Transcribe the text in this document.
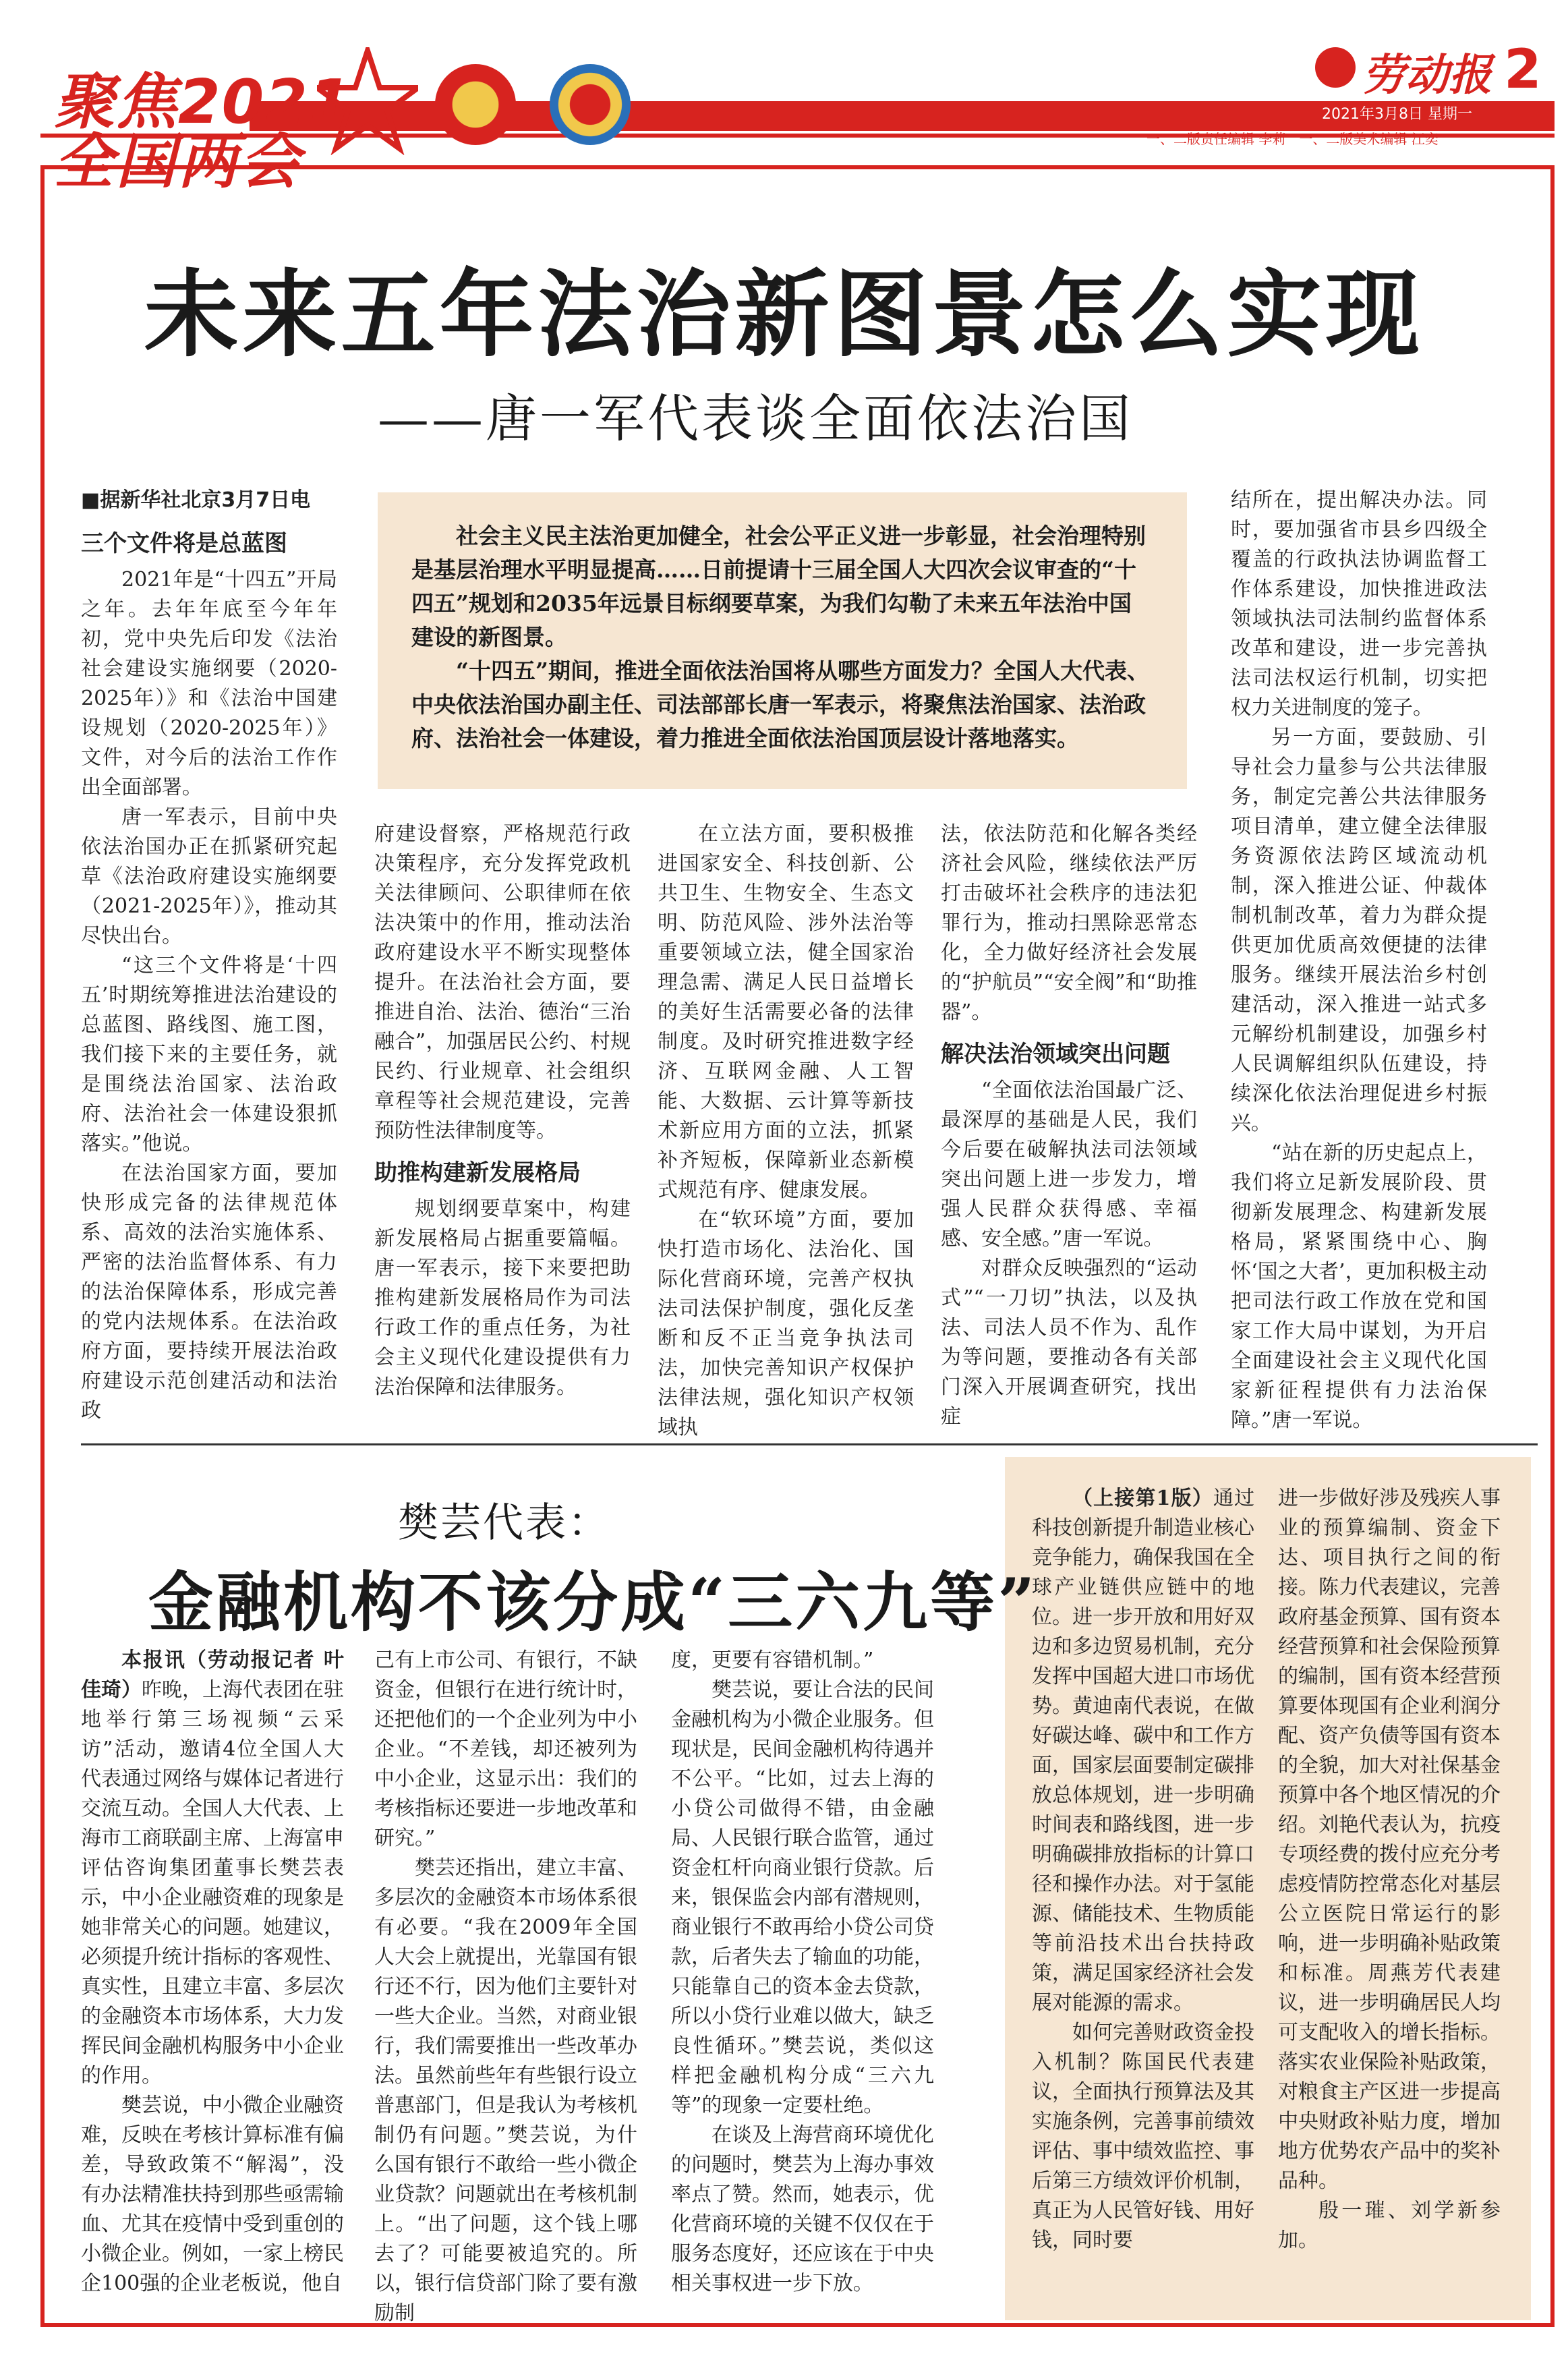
聚焦2021
全国两会
劳动报 2
2021年3月8日 星期一
一、二版责任编辑 李莉　一、二版美术编辑 江奕
未来五年法治新图景怎么实现
——唐一军代表谈全面依法治国

社会主义民主法治更加健全，社会公平正义进一步彰显，社会治理特别是基层治理水平明显提高……日前提请十三届全国人大四次会议审查的“十四五”规划和2035年远景目标纲要草案，为我们勾勒了未来五年法治中国建设的新图景。

“十四五”期间，推进全面依法治国将从哪些方面发力？全国人大代表、中央依法治国办副主任、司法部部长唐一军表示，将聚焦法治国家、法治政府、法治社会一体建设，着力推进全面依法治国顶层设计落地落实。

■据新华社北京3月7日电

三个文件将是总蓝图

2021年是“十四五”开局之年。去年年底至今年年初，党中央先后印发《法治社会建设实施纲要（2020-2025年）》和《法治中国建设规划（2020-2025年）》文件，对今后的法治工作作出全面部署。

唐一军表示，目前中央依法治国办正在抓紧研究起草《法治政府建设实施纲要（2021-2025年）》，推动其尽快出台。

“这三个文件将是‘十四五’时期统筹推进法治建设的总蓝图、路线图、施工图，我们接下来的主要任务，就是围绕法治国家、法治政府、法治社会一体建设狠抓落实。”他说。

在法治国家方面，要加快形成完备的法律规范体系、高效的法治实施体系、严密的法治监督体系、有力的法治保障体系，形成完善的党内法规体系。在法治政府方面，要持续开展法治政府建设示范创建活动和法治政

府建设督察，严格规范行政决策程序，充分发挥党政机关法律顾问、公职律师在依法决策中的作用，推动法治政府建设水平不断实现整体提升。在法治社会方面，要推进自治、法治、德治“三治融合”，加强居民公约、村规民约、行业规章、社会组织章程等社会规范建设，完善预防性法律制度等。

助推构建新发展格局

规划纲要草案中，构建新发展格局占据重要篇幅。唐一军表示，接下来要把助推构建新发展格局作为司法行政工作的重点任务，为社会主义现代化建设提供有力法治保障和法律服务。

在立法方面，要积极推进国家安全、科技创新、公共卫生、生物安全、生态文明、防范风险、涉外法治等重要领域立法，健全国家治理急需、满足人民日益增长的美好生活需要必备的法律制度。及时研究推进数字经济、互联网金融、人工智能、大数据、云计算等新技术新应用方面的立法，抓紧补齐短板，保障新业态新模式规范有序、健康发展。

在“软环境”方面，要加快打造市场化、法治化、国际化营商环境，完善产权执法司法保护制度，强化反垄断和反不正当竞争执法司法，加快完善知识产权保护法律法规，强化知识产权领域执

法，依法防范和化解各类经济社会风险，继续依法严厉打击破坏社会秩序的违法犯罪行为，推动扫黑除恶常态化，全力做好经济社会发展的“护航员”“安全阀”和“助推器”。

解决法治领域突出问题

“全面依法治国最广泛、最深厚的基础是人民，我们今后要在破解执法司法领域突出问题上进一步发力，增强人民群众获得感、幸福感、安全感。”唐一军说。

对群众反映强烈的“运动式”“一刀切”执法，以及执法、司法人员不作为、乱作为等问题，要推动各有关部门深入开展调查研究，找出症

结所在，提出解决办法。同时，要加强省市县乡四级全覆盖的行政执法协调监督工作体系建设，加快推进政法领域执法司法制约监督体系改革和建设，进一步完善执法司法权运行机制，切实把权力关进制度的笼子。

另一方面，要鼓励、引导社会力量参与公共法律服务，制定完善公共法律服务项目清单，建立健全法律服务资源依法跨区域流动机制，深入推进公证、仲裁体制机制改革，着力为群众提供更加优质高效便捷的法律服务。继续开展法治乡村创建活动，深入推进一站式多元解纷机制建设，加强乡村人民调解组织队伍建设，持续深化依法治理促进乡村振兴。

“站在新的历史起点上，我们将立足新发展阶段、贯彻新发展理念、构建新发展格局，紧紧围绕中心、胸怀‘国之大者’，更加积极主动把司法行政工作放在党和国家工作大局中谋划，为开启全面建设社会主义现代化国家新征程提供有力法治保障。”唐一军说。

樊芸代表：
金融机构不该分成“三六九等”

本报讯（劳动报记者 叶佳琦）昨晚，上海代表团在驻地举行第三场视频“云采访”活动，邀请4位全国人大代表通过网络与媒体记者进行交流互动。全国人大代表、上海市工商联副主席、上海富申评估咨询集团董事长樊芸表示，中小企业融资难的现象是她非常关心的问题。她建议，必须提升统计指标的客观性、真实性，且建立丰富、多层次的金融资本市场体系，大力发挥民间金融机构服务中小企业的作用。

樊芸说，中小微企业融资难，反映在考核计算标准有偏差，导致政策不“解渴”，没有办法精准扶持到那些亟需输血、尤其在疫情中受到重创的小微企业。例如，一家上榜民企100强的企业老板说，他自

己有上市公司、有银行，不缺资金，但银行在进行统计时，还把他们的一个企业列为中小企业。“不差钱，却还被列为中小企业，这显示出：我们的考核指标还要进一步地改革和研究。”

樊芸还指出，建立丰富、多层次的金融资本市场体系很有必要。“我在2009年全国人大会上就提出，光靠国有银行还不行，因为他们主要针对一些大企业。当然，对商业银行，我们需要推出一些改革办法。虽然前些年有些银行设立普惠部门，但是我认为考核机制仍有问题。”樊芸说，为什么国有银行不敢给一些小微企业贷款？问题就出在考核机制上。“出了问题，这个钱上哪去了？可能要被追究的。所以，银行信贷部门除了要有激励制

度，更要有容错机制。”

樊芸说，要让合法的民间金融机构为小微企业服务。但现状是，民间金融机构待遇并不公平。“比如，过去上海的小贷公司做得不错，由金融局、人民银行联合监管，通过资金杠杆向商业银行贷款。后来，银保监会内部有潜规则，商业银行不敢再给小贷公司贷款，后者失去了输血的功能，只能靠自己的资本金去贷款，所以小贷行业难以做大，缺乏良性循环。”樊芸说，类似这样把金融机构分成“三六九等”的现象一定要杜绝。

在谈及上海营商环境优化的问题时，樊芸为上海办事效率点了赞。然而，她表示，优化营商环境的关键不仅仅在于服务态度好，还应该在于中央相关事权进一步下放。

（上接第1版）通过科技创新提升制造业核心竞争能力，确保我国在全球产业链供应链中的地位。进一步开放和用好双边和多边贸易机制，充分发挥中国超大进口市场优势。黄迪南代表说，在做好碳达峰、碳中和工作方面，国家层面要制定碳排放总体规划，进一步明确时间表和路线图，进一步明确碳排放指标的计算口径和操作办法。对于氢能源、储能技术、生物质能等前沿技术出台扶持政策，满足国家经济社会发展对能源的需求。

如何完善财政资金投入机制？陈国民代表建议，全面执行预算法及其实施条例，完善事前绩效评估、事中绩效监控、事后第三方绩效评价机制，真正为人民管好钱、用好钱，同时要

进一步做好涉及残疾人事业的预算编制、资金下达、项目执行之间的衔接。陈力代表建议，完善政府基金预算、国有资本经营预算和社会保险预算的编制，国有资本经营预算要体现国有企业利润分配、资产负债等国有资本的全貌，加大对社保基金预算中各个地区情况的介绍。刘艳代表认为，抗疫专项经费的拨付应充分考虑疫情防控常态化对基层公立医院日常运行的影响，进一步明确补贴政策和标准。周燕芳代表建议，进一步明确居民人均可支配收入的增长指标。落实农业保险补贴政策，对粮食主产区进一步提高中央财政补贴力度，增加地方优势农产品中的奖补品种。

殷一璀、刘学新参加。
